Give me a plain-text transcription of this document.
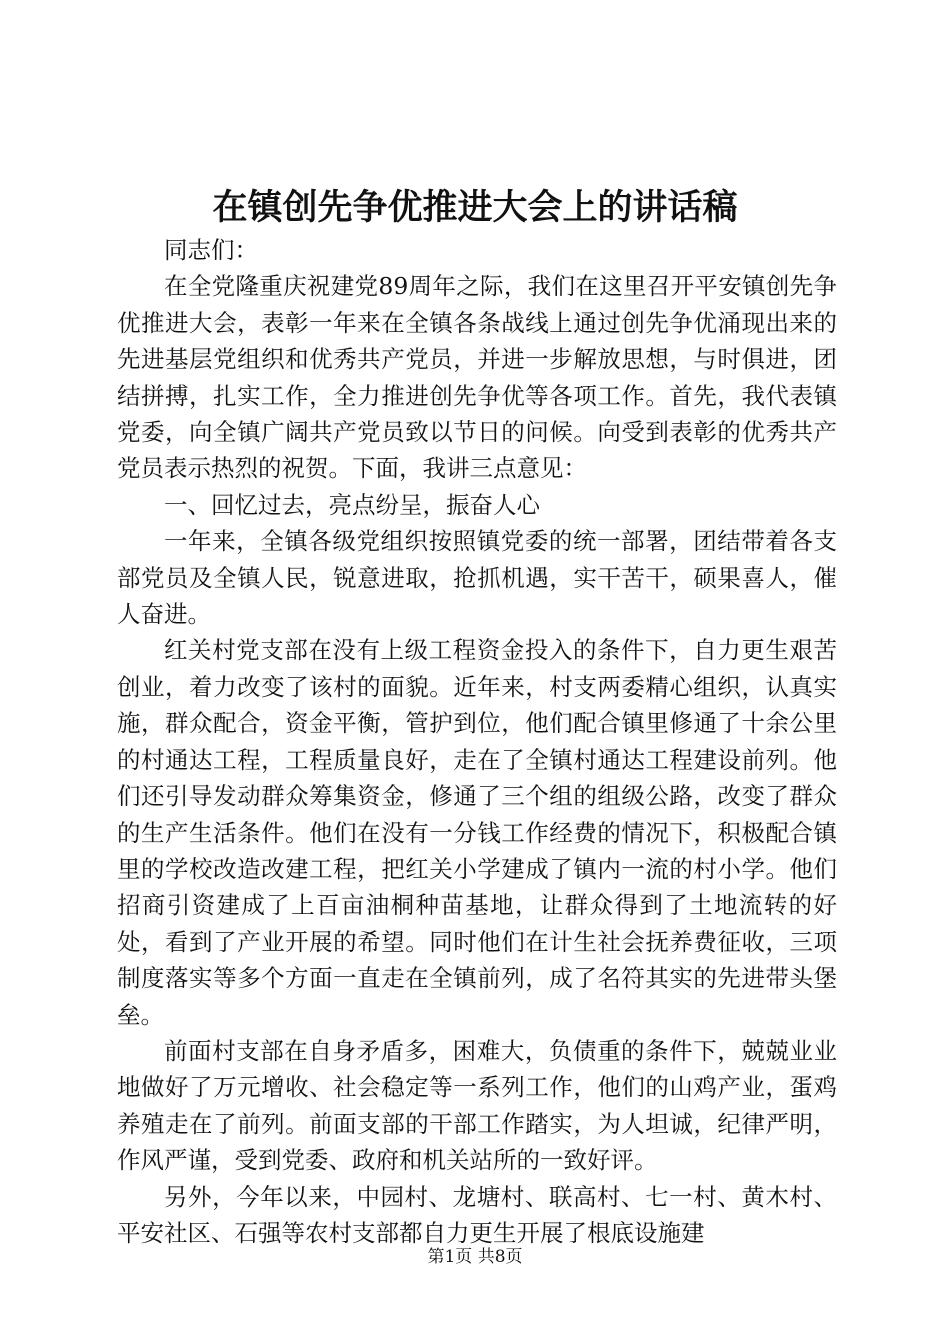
在镇创先争优推进大会上的讲话稿

同志们：

在全党隆重庆祝建党89周年之际，我们在这里召开平安镇创先争优推进大会，表彰一年来在全镇各条战线上通过创先争优涌现出来的先进基层党组织和优秀共产党员，并进一步解放思想，与时俱进，团结拼搏，扎实工作，全力推进创先争优等各项工作。首先，我代表镇党委，向全镇广阔共产党员致以节日的问候。向受到表彰的优秀共产党员表示热烈的祝贺。下面，我讲三点意见：

一、回忆过去，亮点纷呈，振奋人心

一年来，全镇各级党组织按照镇党委的统一部署，团结带着各支部党员及全镇人民，锐意进取，抢抓机遇，实干苦干，硕果喜人，催人奋进。

红关村党支部在没有上级工程资金投入的条件下，自力更生艰苦创业，着力改变了该村的面貌。近年来，村支两委精心组织，认真实施，群众配合，资金平衡，管护到位，他们配合镇里修通了十余公里的村通达工程，工程质量良好，走在了全镇村通达工程建设前列。他们还引导发动群众筹集资金，修通了三个组的组级公路，改变了群众的生产生活条件。他们在没有一分钱工作经费的情况下，积极配合镇里的学校改造改建工程，把红关小学建成了镇内一流的村小学。他们招商引资建成了上百亩油桐种苗基地，让群众得到了土地流转的好处，看到了产业开展的希望。同时他们在计生社会抚养费征收，三项制度落实等多个方面一直走在全镇前列，成了名符其实的先进带头堡垒。

前面村支部在自身矛盾多，困难大，负债重的条件下，兢兢业业地做好了万元增收、社会稳定等一系列工作，他们的山鸡产业，蛋鸡养殖走在了前列。前面支部的干部工作踏实，为人坦诚，纪律严明，作风严谨，受到党委、政府和机关站所的一致好评。

另外，今年以来，中园村、龙塘村、联高村、七一村、黄木村、平安社区、石强等农村支部都自力更生开展了根底设施建

第1页 共8页
